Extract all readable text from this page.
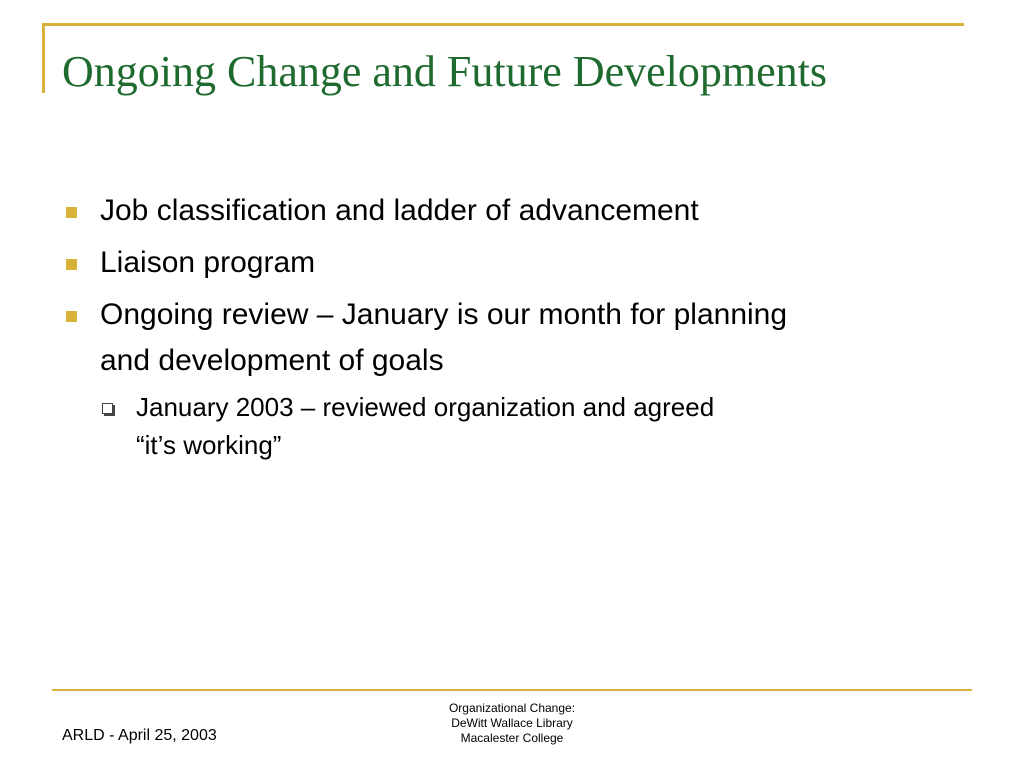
Ongoing Change and Future Developments
Job classification and ladder of advancement
Liaison program
Ongoing review – January is our month for planning and development of goals
January 2003 – reviewed organization and agreed “it’s working”
ARLD - April 25, 2003
Organizational Change:
DeWitt Wallace Library
Macalester College
